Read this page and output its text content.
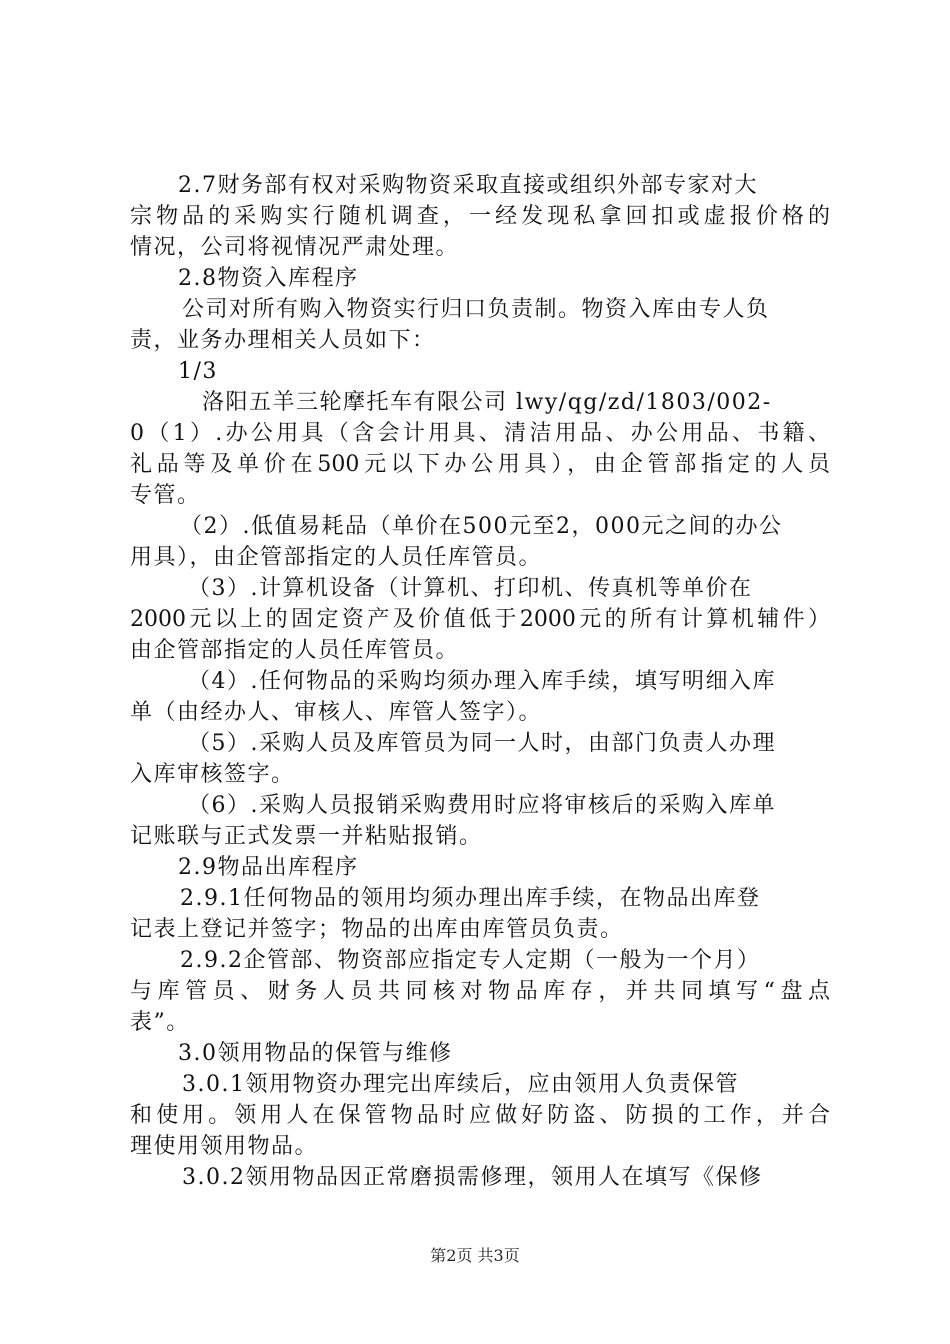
2.7财务部有权对采购物资采取直接或组织外部专家对大
宗物品的采购实行随机调查，一经发现私拿回扣或虚报价格的
情况，公司将视情况严肃处理。
2.8物资入库程序
公司对所有购入物资实行归口负责制。物资入库由专人负
责，业务办理相关人员如下：
1/3
洛阳五羊三轮摩托车有限公司 lwy/qg/zd/1803/002-
0（1）.办公用具（含会计用具、清洁用品、办公用品、书籍、
礼品等及单价在500元以下办公用具），由企管部指定的人员
专管。
（2）.低值易耗品（单价在500元至2，000元之间的办公
用具），由企管部指定的人员任库管员。
（3）.计算机设备（计算机、打印机、传真机等单价在
2000元以上的固定资产及价值低于2000元的所有计算机辅件）
由企管部指定的人员任库管员。
（4）.任何物品的采购均须办理入库手续，填写明细入库
单（由经办人、审核人、库管人签字）。
（5）.采购人员及库管员为同一人时，由部门负责人办理
入库审核签字。
（6）.采购人员报销采购费用时应将审核后的采购入库单
记账联与正式发票一并粘贴报销。
2.9物品出库程序
2.9.1任何物品的领用均须办理出库手续，在物品出库登
记表上登记并签字；物品的出库由库管员负责。
2.9.2企管部、物资部应指定专人定期（一般为一个月）
与库管员、财务人员共同核对物品库存，并共同填写“盘点
表”。
3.0领用物品的保管与维修
3.0.1领用物资办理完出库续后，应由领用人负责保管
和使用。领用人在保管物品时应做好防盗、防损的工作，并合
理使用领用物品。
3.0.2领用物品因正常磨损需修理，领用人在填写《保修
第2页 共3页
